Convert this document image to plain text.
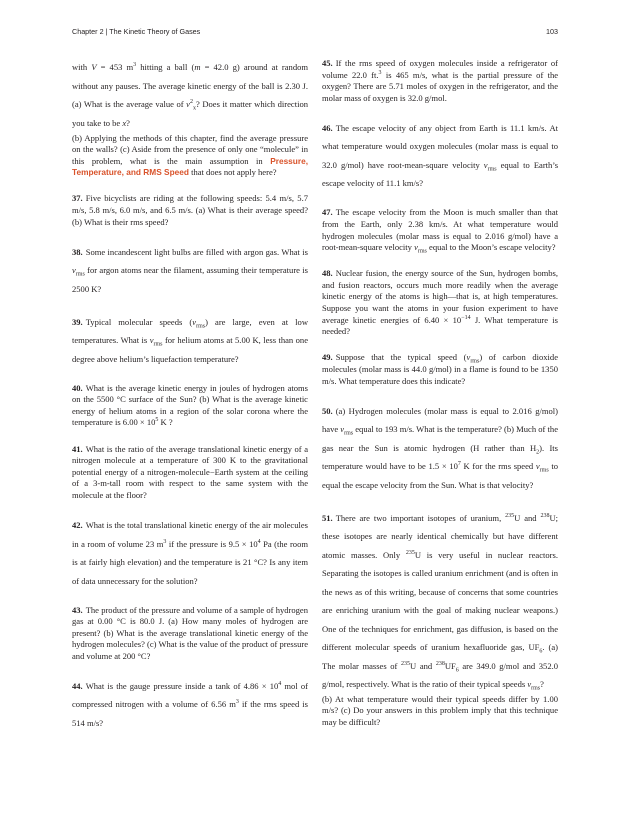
Chapter 2 | The Kinetic Theory of Gases	103

with V = 453 $m^3$ hitting a ball (m = 42.0 g) around at random without any pauses. The average kinetic energy of the ball is 2.30 J. (a) What is the average value of $v^2_x$? Does it matter which direction you take to be x?

(b) Applying the methods of this chapter, find the average pressure on the walls? (c) Aside from the presence of only one “molecule” in this problem, what is the main assumption in Pressure, Temperature, and RMS Speed that does not apply here?

37. Five bicyclists are riding at the following speeds: 5.4 m/s, 5.7 m/s, 5.8 m/s, 6.0 m/s, and 6.5 m/s. (a) What is their average speed? (b) What is their rms speed?

38. Some incandescent light bulbs are filled with argon gas. What is $v_{rms}$ for argon atoms near the filament, assuming their temperature is 2500 K?

39. Typical molecular speeds $(v_{rms})$ are large, even at low temperatures. What is $v_{rms}$ for helium atoms at 5.00 K, less than one degree above helium’s liquefaction temperature?

40. What is the average kinetic energy in joules of hydrogen atoms on the 5500 °C surface of the Sun? (b) What is the average kinetic energy of helium atoms in a region of the solar corona where the temperature is $6.00 \times 10^5$ K ?

41. What is the ratio of the average translational kinetic energy of a nitrogen molecule at a temperature of 300 K to the gravitational potential energy of a nitrogen-molecule−Earth system at the ceiling of a 3-m-tall room with respect to the same system with the molecule at the floor?

42. What is the total translational kinetic energy of the air molecules in a room of volume 23 $m^3$ if the pressure is $9.5 \times 10^4$ Pa (the room is at fairly high elevation) and the temperature is 21 °C? Is any item of data unnecessary for the solution?

43. The product of the pressure and volume of a sample of hydrogen gas at 0.00 °C is 80.0 J. (a) How many moles of hydrogen are present? (b) What is the average translational kinetic energy of the hydrogen molecules? (c) What is the value of the product of pressure and volume at 200 °C?

44. What is the gauge pressure inside a tank of $4.86 \times 10^4$ mol of compressed nitrogen with a volume of 6.56 $m^3$ if the rms speed is 514 m/s?

45. If the rms speed of oxygen molecules inside a refrigerator of volume 22.0 ft.$^3$ is 465 m/s, what is the partial pressure of the oxygen? There are 5.71 moles of oxygen in the refrigerator, and the molar mass of oxygen is 32.0 g/mol.

46. The escape velocity of any object from Earth is 11.1 km/s. At what temperature would oxygen molecules (molar mass is equal to 32.0 g/mol) have root-mean-square velocity $v_{rms}$ equal to Earth’s escape velocity of 11.1 km/s?

47. The escape velocity from the Moon is much smaller than that from the Earth, only 2.38 km/s. At what temperature would hydrogen molecules (molar mass is equal to 2.016 g/mol) have a root-mean-square velocity $v_{rms}$ equal to the Moon’s escape velocity?

48. Nuclear fusion, the energy source of the Sun, hydrogen bombs, and fusion reactors, occurs much more readily when the average kinetic energy of the atoms is high—that is, at high temperatures. Suppose you want the atoms in your fusion experiment to have average kinetic energies of $6.40 \times 10^{-14}$ J. What temperature is needed?

49. Suppose that the typical speed $(v_{rms})$ of carbon dioxide molecules (molar mass is 44.0 g/mol) in a flame is found to be 1350 m/s. What temperature does this indicate?

50. (a) Hydrogen molecules (molar mass is equal to 2.016 g/mol) have $v_{rms}$ equal to 193 m/s. What is the temperature? (b) Much of the gas near the Sun is atomic hydrogen (H rather than $H_2$). Its temperature would have to be $1.5 \times 10^7$ K for the rms speed $v_{rms}$ to equal the escape velocity from the Sun. What is that velocity?

51. There are two important isotopes of uranium, $^{235}$U and $^{238}$U; these isotopes are nearly identical chemically but have different atomic masses. Only $^{235}$U is very useful in nuclear reactors. Separating the isotopes is called uranium enrichment (and is often in the news as of this writing, because of concerns that some countries are enriching uranium with the goal of making nuclear weapons.) One of the techniques for enrichment, gas diffusion, is based on the different molecular speeds of uranium hexafluoride gas, $UF_6$. (a) The molar masses of $^{235}$U and $^{238}UF_6$ are 349.0 g/mol and 352.0 g/mol, respectively. What is the ratio of their typical speeds $v_{rms}$?

(b) At what temperature would their typical speeds differ by 1.00 m/s? (c) Do your answers in this problem imply that this technique may be difficult?
